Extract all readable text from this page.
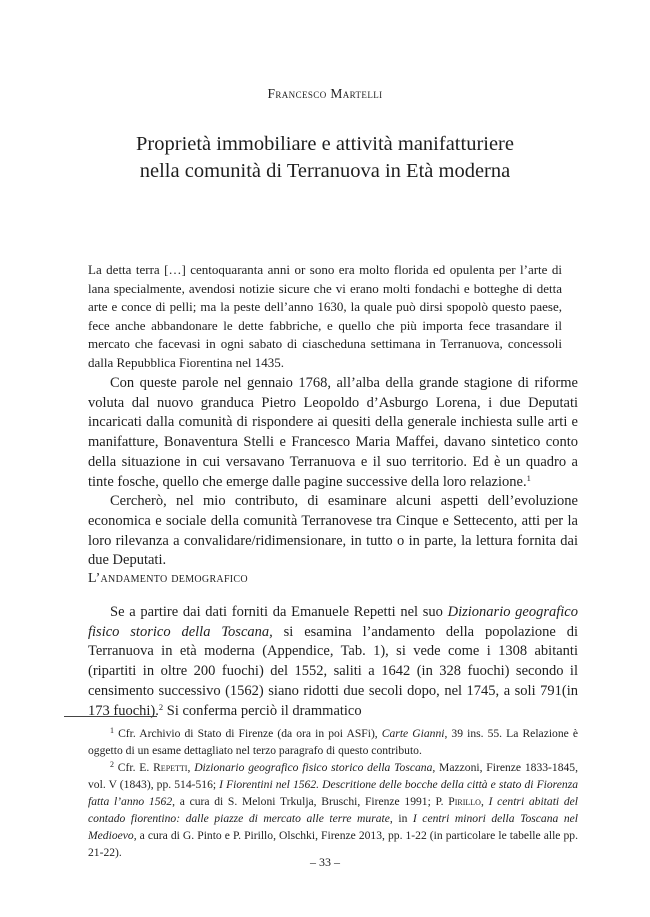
Francesco Martelli
Proprietà immobiliare e attività manifatturiere
nella comunità di Terranuova in Età moderna
La detta terra […] centoquaranta anni or sono era molto florida ed opulenta per l’arte di lana specialmente, avendosi notizie sicure che vi erano molti fondachi e botteghe di detta arte e conce di pelli; ma la peste dell’anno 1630, la quale può dirsi spopolò questo paese, fece anche abbandonare le dette fabbriche, e quello che più importa fece trasandare il mercato che facevasi in ogni sabato di ciascheduna settimana in Terranuova, concessoli dalla Repubblica Fiorentina nel 1435.

Con queste parole nel gennaio 1768, all’alba della grande stagione di riforme voluta dal nuovo granduca Pietro Leopoldo d’Asburgo Lorena, i due Deputati incaricati dalla comunità di rispondere ai quesiti della generale inchiesta sulle arti e manifatture, Bonaventura Stelli e Francesco Maria Maffei, davano sintetico conto della situazione in cui versavano Terranuova e il suo territorio. Ed è un quadro a tinte fosche, quello che emerge dalle pagine successive della loro relazione.$^1$

Cercherò, nel mio contributo, di esaminare alcuni aspetti dell’evoluzione economica e sociale della comunità Terranovese tra Cinque e Settecento, atti per la loro rilevanza a convalidare/ridimensionare, in tutto o in parte, la lettura fornita dai due Deputati.

L’andamento demografico

Se a partire dai dati forniti da Emanuele Repetti nel suo Dizionario geografico fisico storico della Toscana, si esamina l’andamento della popolazione di Terranuova in età moderna (Appendice, Tab. 1), si vede come i 1308 abitanti (ripartiti in oltre 200 fuochi) del 1552, saliti a 1642 (in 328 fuochi) secondo il censimento successivo (1562) siano ridotti due secoli dopo, nel 1745, a soli 791(in 173 fuochi).$^2$ Si conferma perciò il drammatico

$^1$ Cfr. Archivio di Stato di Firenze (da ora in poi ASFi), Carte Gianni, 39 ins. 55. La Relazione è oggetto di un esame dettagliato nel terzo paragrafo di questo contributo.

$^2$ Cfr. E. Repetti, Dizionario geografico fisico storico della Toscana, Mazzoni, Firenze 1833-1845, vol. V (1843), pp. 514-516; I Fiorentini nel 1562. Descritione delle bocche della città e stato di Fiorenza fatta l’anno 1562, a cura di S. Meloni Trkulja, Bruschi, Firenze 1991; P. Pirillo, I centri abitati del contado fiorentino: dalle piazze di mercato alle terre murate, in I centri minori della Toscana nel Medioevo, a cura di G. Pinto e P. Pirillo, Olschki, Firenze 2013, pp. 1-22 (in particolare le tabelle alle pp. 21-22).

– 33 –
